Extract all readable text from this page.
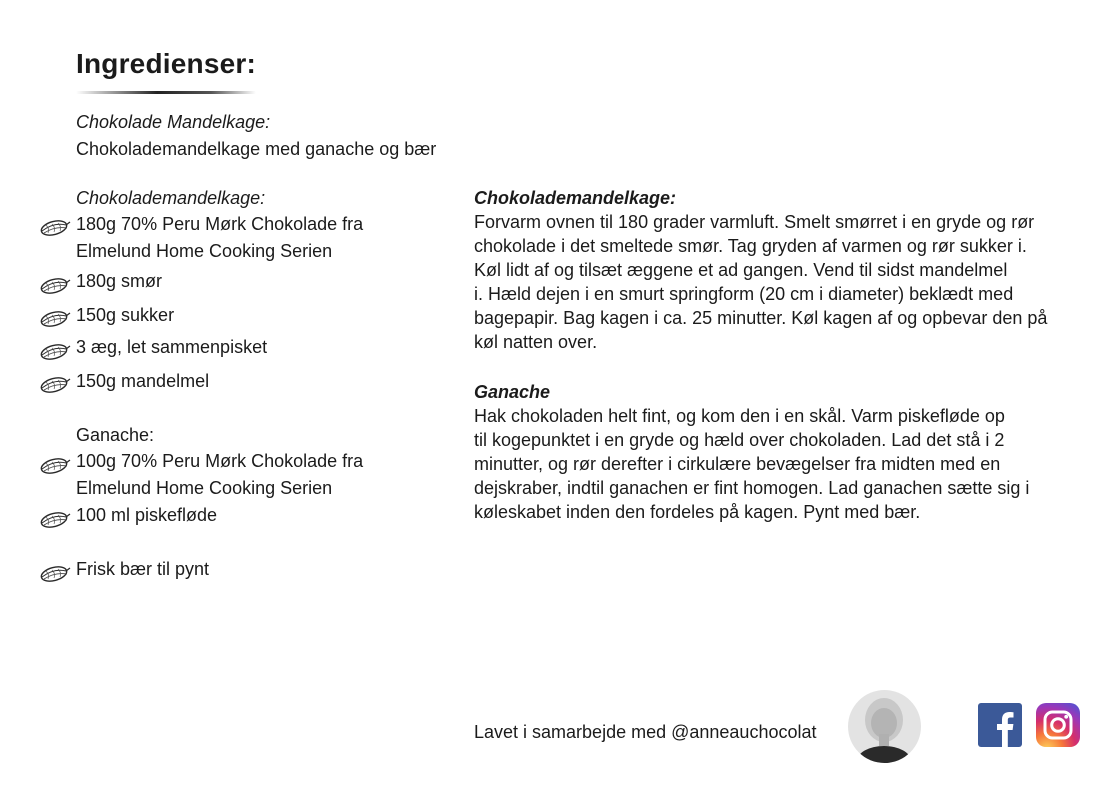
Ingredienser:
Chokolade Mandelkage:
Chokolademandelkage med ganache og bær
Chokolademandelkage:
180g 70% Peru Mørk Chokolade fra
Elmelund Home Cooking Serien
180g smør
150g sukker
3 æg, let sammenpisket
150g mandelmel
Ganache:
100g 70% Peru Mørk Chokolade fra
Elmelund Home Cooking Serien
100 ml piskefløde
Frisk bær til pynt
Chokolademandelkage:
Forvarm ovnen til 180 grader varmluft. Smelt smørret i en gryde og rør
chokolade i det smeltede smør. Tag gryden af varmen og rør sukker i.
Køl lidt af og tilsæt æggene et ad gangen. Vend til sidst mandelmel
i. Hæld dejen i en smurt springform (20 cm i diameter) beklædt med
bagepapir. Bag kagen i ca. 25 minutter. Køl kagen af og opbevar den på
køl natten over.
Ganache
Hak chokoladen helt fint, og kom den i en skål. Varm piskefløde op
til kogepunktet i en gryde og hæld over chokoladen. Lad det stå i 2
minutter, og rør derefter i cirkulære bevægelser fra midten med en
dejskraber, indtil ganachen er fint homogen. Lad ganachen sætte sig i
køleskabet inden den fordeles på kagen. Pynt med bær.
Lavet i samarbejde med @anneauchocolat
